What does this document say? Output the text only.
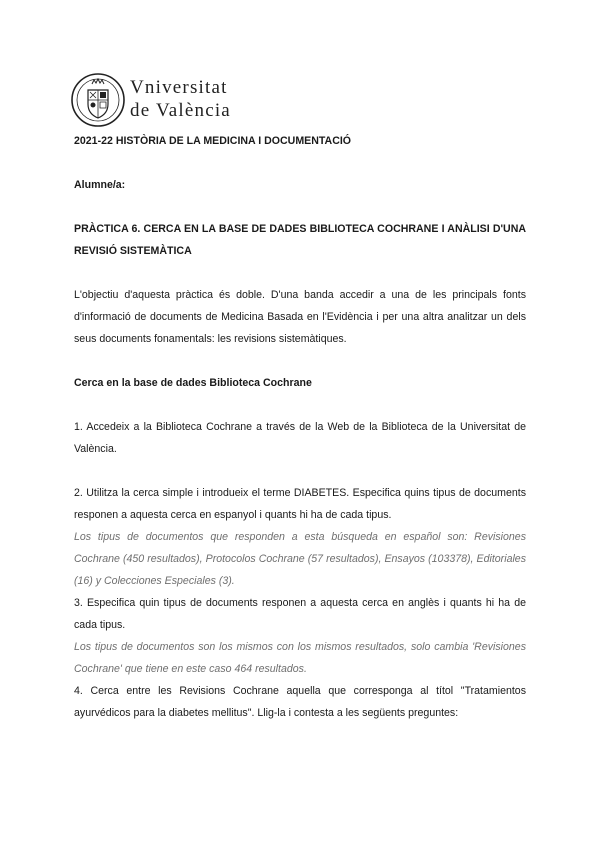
Vniversitat
de València

2021-22 HISTÒRIA DE LA MEDICINA I DOCUMENTACIÓ

Alumne/a:

PRÀCTICA 6. CERCA EN LA BASE DE DADES BIBLIOTECA COCHRANE I ANÀLISI D'UNA REVISIÓ SISTEMÀTICA

L'objectiu d'aquesta pràctica és doble. D'una banda accedir a una de les principals fonts d'informació de documents de Medicina Basada en l'Evidència i per una altra analitzar un dels seus documents fonamentals: les revisions sistemàtiques.

Cerca en la base de dades Biblioteca Cochrane

1. Accedeix a la Biblioteca Cochrane a través de la Web de la Biblioteca de la Universitat de València.

2. Utilitza la cerca simple i introdueix el terme DIABETES. Especifica quins tipus de documents responen a aquesta cerca en espanyol i quants hi ha de cada tipus.

Los tipus de documentos que responden a esta búsqueda en español son: Revisiones Cochrane (450 resultados), Protocolos Cochrane (57 resultados), Ensayos (103378), Editoriales (16) y Colecciones Especiales (3).

3. Especifica quin tipus de documents responen a aquesta cerca en anglès i quants hi ha de cada tipus.

Los tipus de documentos son los mismos con los mismos resultados, solo cambia 'Revisiones Cochrane' que tiene en este caso 464 resultados.

4. Cerca entre les Revisions Cochrane aquella que corresponga al títol "Tratamientos ayurvédicos para la diabetes mellitus". Llig-la i contesta a les següents preguntes:
